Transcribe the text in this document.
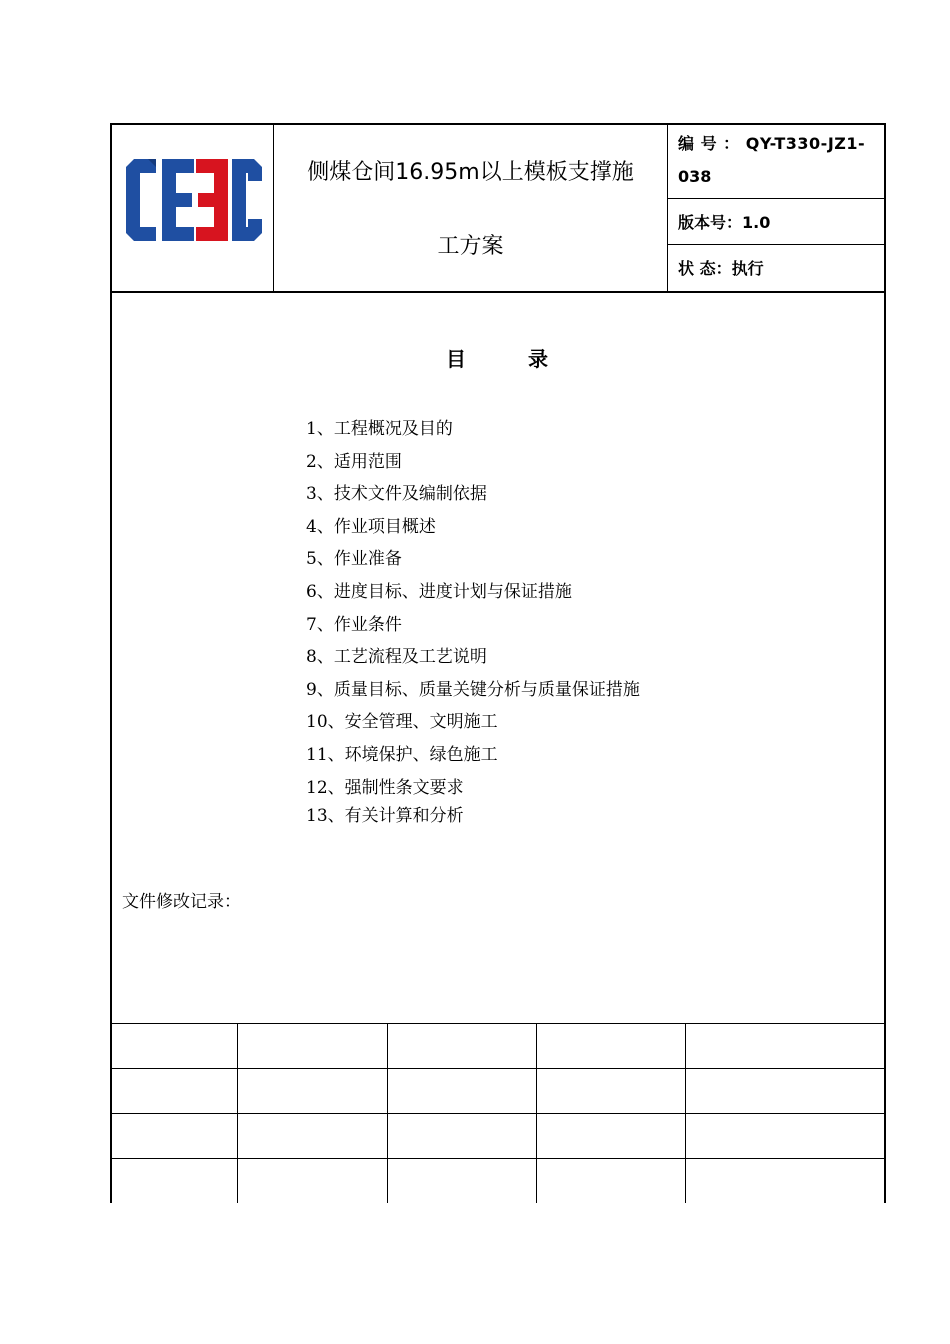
侧煤仓间16.95m以上模板支撑施
工方案
编 号 ： QY-T330-JZ1-
038
版本号：1.0
状 态：执行
目	录
1、工程概况及目的
2、适用范围
3、技术文件及编制依据
4、作业项目概述
5、作业准备
6、进度目标、进度计划与保证措施
7、作业条件
8、工艺流程及工艺说明
9、质量目标、质量关键分析与质量保证措施
10、安全管理、文明施工
11、环境保护、绿色施工
12、强制性条文要求
13、有关计算和分析
文件修改记录：
